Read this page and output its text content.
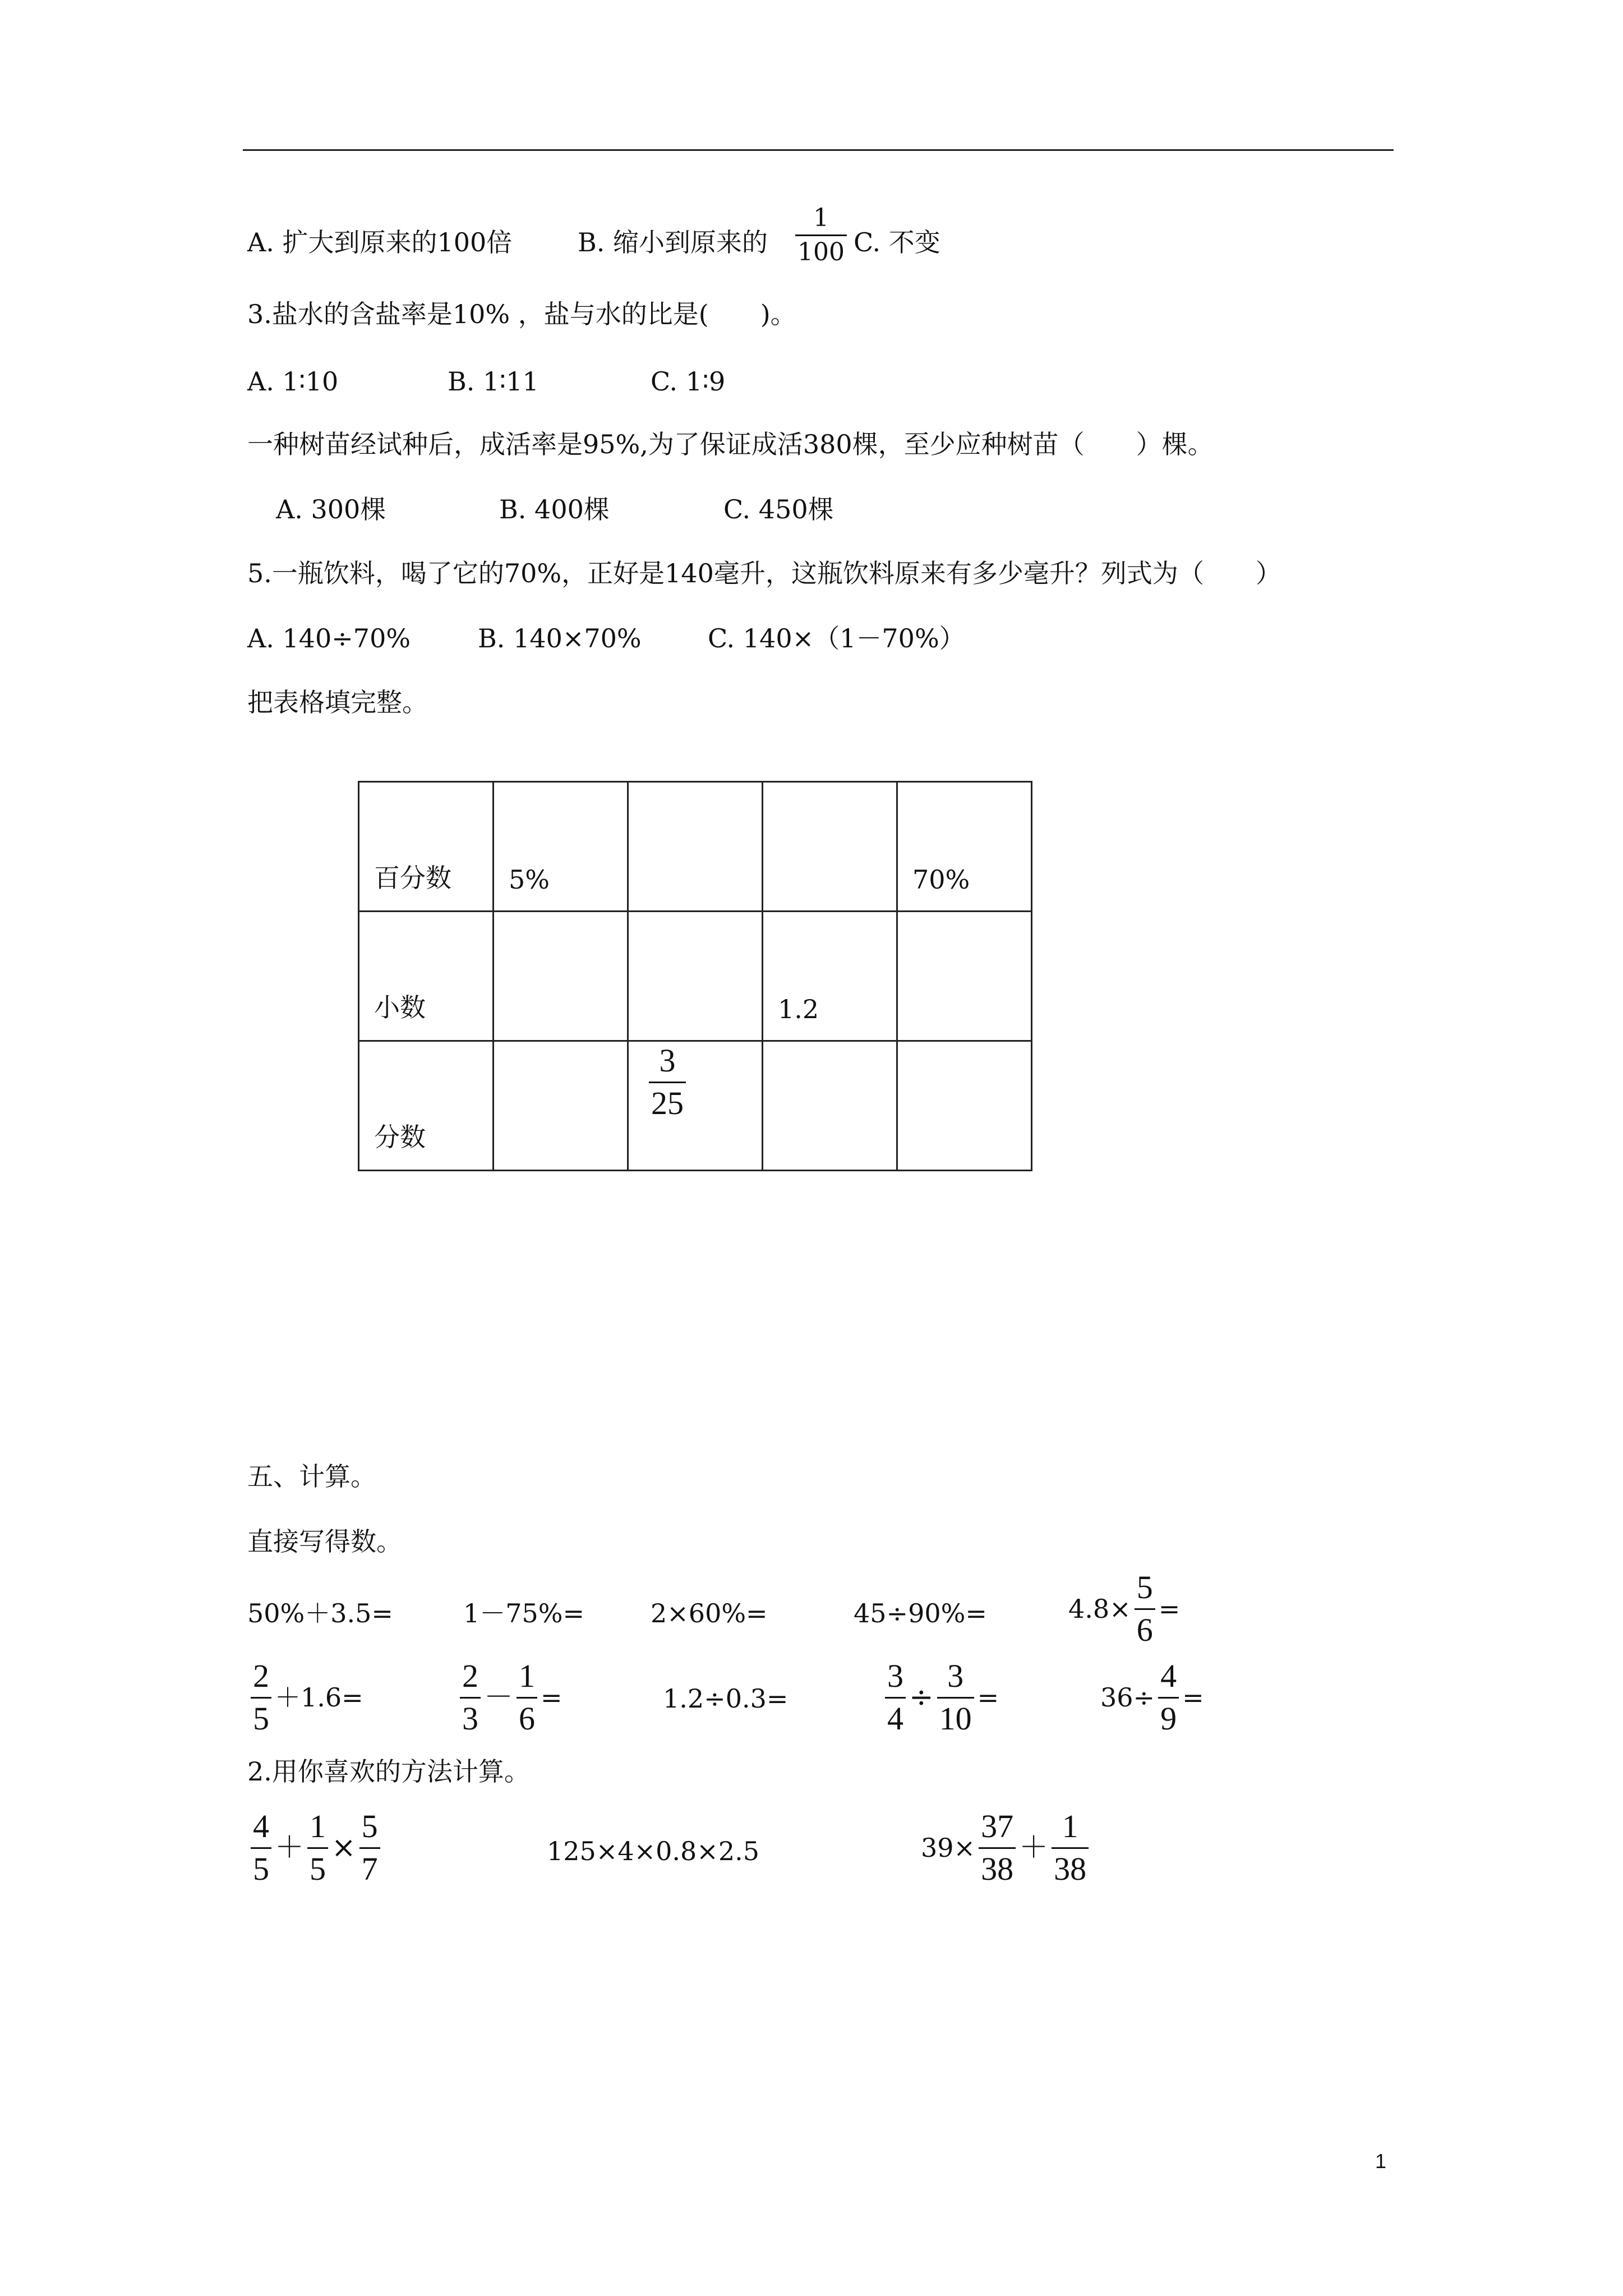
A. 扩大到原来的100倍	B. 缩小到原来的 $\frac{1}{100} C$. 不变
3.盐水的含盐率是10% ，盐与水的比是(　　)。
A. 1∶10	B. 1∶11	C. 1∶9
一种树苗经试种后，成活率是95%,为了保证成活380棵，至少应种树苗（　　）棵。
A. 300棵	B. 400棵	C. 450棵
5.一瓶饮料，喝了它的70%，正好是140毫升，这瓶饮料原来有多少毫升？列式为（　　）
A. 140÷70%	B. 140×70%	C. 140×（1－70%）
把表格填完整。
百分数	5%			70%

小数			1.2	

分数		3
25		

五、计算。
直接写得数。
50%＋3.5=	1－75%=	2×60%=	45÷90%=	$4.8\times \frac{5}{6}$ =
$\frac{2}{5} +1.6=$	$\frac{2}{3} - \frac{1}{6}$ =	1.2÷0.3=	$\frac{3}{4} \div \frac{3}{10}$ =	$36\div \frac{4}{9}$ =
2.用你喜欢的方法计算。
$\frac{4}{5} + \frac{1}{5} \times \frac{5}{7}$	125×4×0.8×2.5	$39\times \frac{37}{38} + \frac{1}{38}$
1
